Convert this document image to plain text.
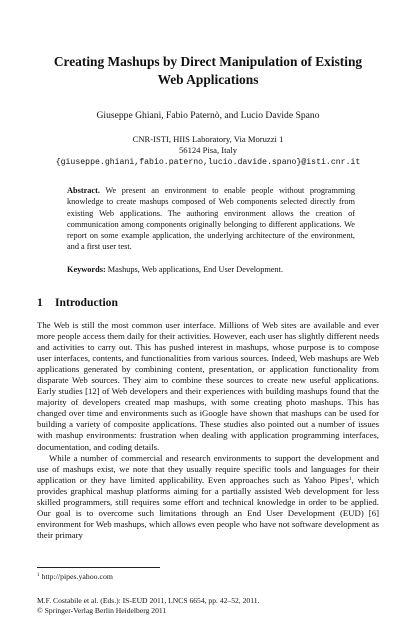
Creating Mashups by Direct Manipulation of Existing
Web Applications

Giuseppe Ghiani, Fabio Paternò, and Lucio Davide Spano

CNR-ISTI, HIIS Laboratory, Via Moruzzi 1
56124 Pisa, Italy
{giuseppe.ghiani,fabio.paterno,lucio.davide.spano}@isti.cnr.it

Abstract. We present an environment to enable people without programming knowledge to create mashups composed of Web components selected directly from existing Web applications. The authoring environment allows the creation of communication among components originally belonging to different applications. We report on some example application, the underlying architecture of the environment, and a first user test.

Keywords: Mashups, Web applications, End User Development.

1 Introduction

The Web is still the most common user interface. Millions of Web sites are available and ever more people access them daily for their activities. However, each user has slightly different needs and activities to carry out. This has pushed interest in mashups, whose purpose is to compose user interfaces, contents, and functionalities from various sources. Indeed, Web mashups are Web applications generated by combining content, presentation, or application functionality from disparate Web sources. They aim to combine these sources to create new useful applications. Early studies [12] of Web developers and their experiences with building mashups found that the majority of developers created map mashups, with some creating photo mashups. This has changed over time and environments such as iGoogle have shown that mashups can be used for building a variety of composite applications. These studies also pointed out a number of issues with mashup environments: frustration when dealing with application programming interfaces, documentation, and coding details.

While a number of commercial and research environments to support the development and use of mashups exist, we note that they usually require specific tools and languages for their application or they have limited applicability. Even approaches such as Yahoo Pipes$^1$, which provides graphical mashup platforms aiming for a partially assisted Web development for less skilled programmers, still requires some effort and technical knowledge in order to be applied. Our goal is to overcome such limitations through an End User Development (EUD) [6] environment for Web mashups, which allows even people who have not software development as their primary

$^1$ http://pipes.yahoo.com

M.F. Costabile et al. (Eds.): IS-EUD 2011, LNCS 6654, pp. 42–52, 2011.
© Springer-Verlag Berlin Heidelberg 2011
